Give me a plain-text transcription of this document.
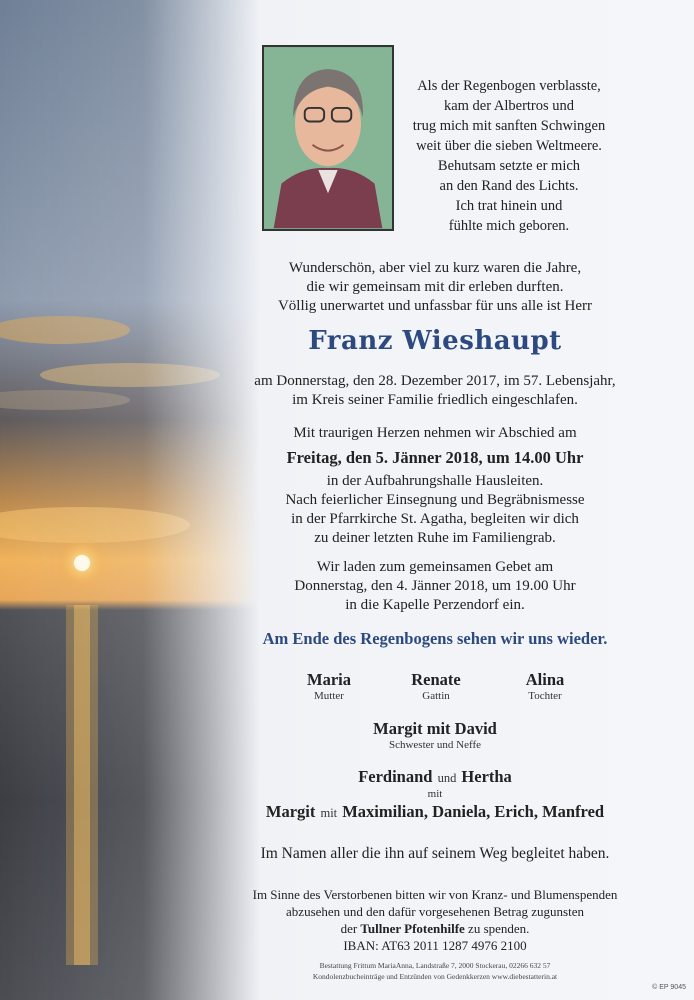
Als der Regenbogen verblasste,
kam der Albertros und
trug mich mit sanften Schwingen
weit über die sieben Weltmeere.
Behutsam setzte er mich
an den Rand des Lichts.
Ich trat hinein und
fühlte mich geboren.
Wunderschön, aber viel zu kurz waren die Jahre,
die wir gemeinsam mit dir erleben durften.
Völlig unerwartet und unfassbar für uns alle ist Herr
Franz Wieshaupt
am Donnerstag, den 28. Dezember 2017, im 57. Lebensjahr,
im Kreis seiner Familie friedlich eingeschlafen.
Mit traurigen Herzen nehmen wir Abschied am
Freitag, den 5. Jänner 2018, um 14.00 Uhr
in der Aufbahrungshalle Hausleiten.
Nach feierlicher Einsegnung und Begräbnismesse
in der Pfarrkirche St. Agatha, begleiten wir dich
zu deiner letzten Ruhe im Familiengrab.
Wir laden zum gemeinsamen Gebet am
Donnerstag, den 4. Jänner 2018, um 19.00 Uhr
in die Kapelle Perzendorf ein.
Am Ende des Regenbogens sehen wir uns wieder.
Maria
Mutter
Renate
Gattin
Alina
Tochter
Margit mit David
Schwester und Neffe
Ferdinand und Hertha
mit
Margit mit Maximilian, Daniela, Erich, Manfred
Im Namen aller die ihn auf seinem Weg begleitet haben.
Im Sinne des Verstorbenen bitten wir von Kranz- und Blumenspenden
abzusehen und den dafür vorgesehenen Betrag zugunsten
der Tullner Pfotenhilfe zu spenden.
IBAN: AT63 2011 1287 4976 2100
Bestattung Frittum MariaAnna, Landstraße 7, 2000 Stockerau, 02266 632 57
Kondolenzbucheinträge und Entzünden von Gedenkkerzen www.diebestatterin.at
© EP 9045
